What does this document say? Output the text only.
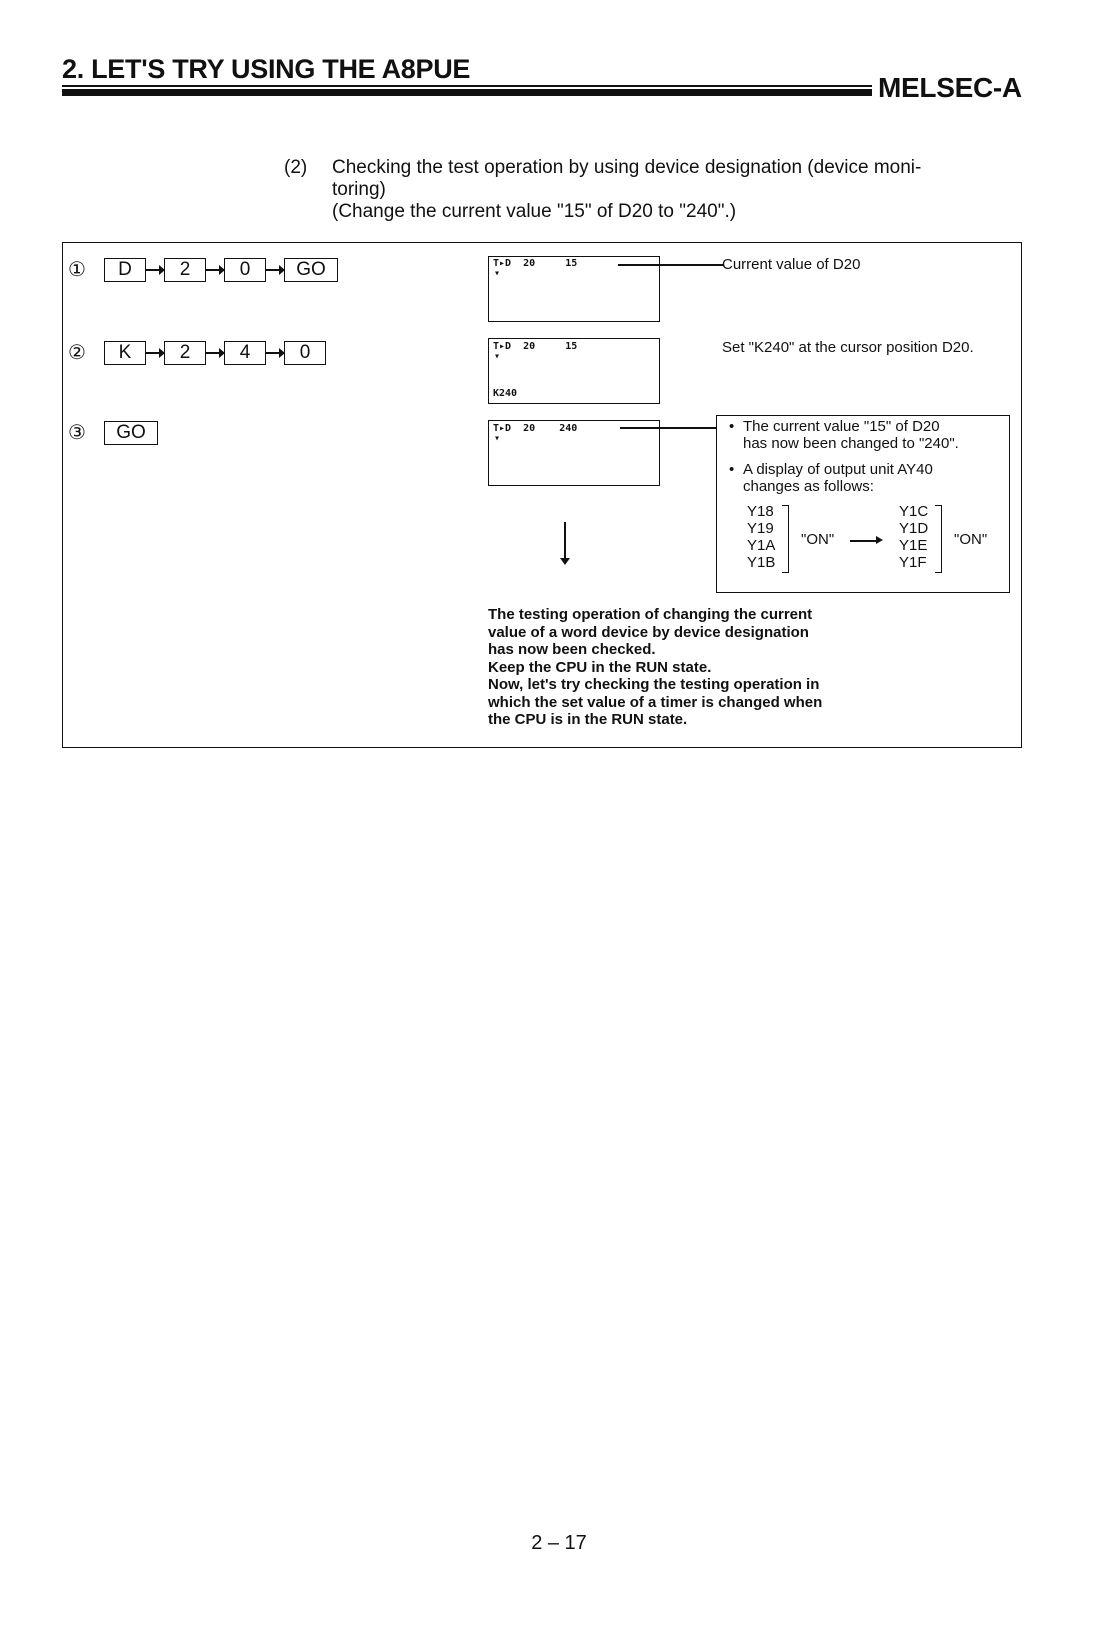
2. LET'S TRY USING THE A8PUE
MELSEC-A
(2) Checking the test operation by using device designation (device moni-
toring)
(Change the current value "15" of D20 to "240".)
①	D	2	0	GO
②	K	2	4	0
③	GO
T▸D  20     15
▾
Current value of D20
T▸D  20     15
▾
K240
Set "K240" at the cursor position D20.
T▸D  20    240
▾
• The current value "15" of D20
has now been changed to "240".
• A display of output unit AY40
changes as follows:
Y18
Y19
Y1A
Y1B
"ON"
Y1C
Y1D
Y1E
Y1F
"ON"
The testing operation of changing the current
value of a word device by device designation
has now been checked.
Keep the CPU in the RUN state.
Now, let's try checking the testing operation in
which the set value of a timer is changed when
the CPU is in the RUN state.
2 – 17
